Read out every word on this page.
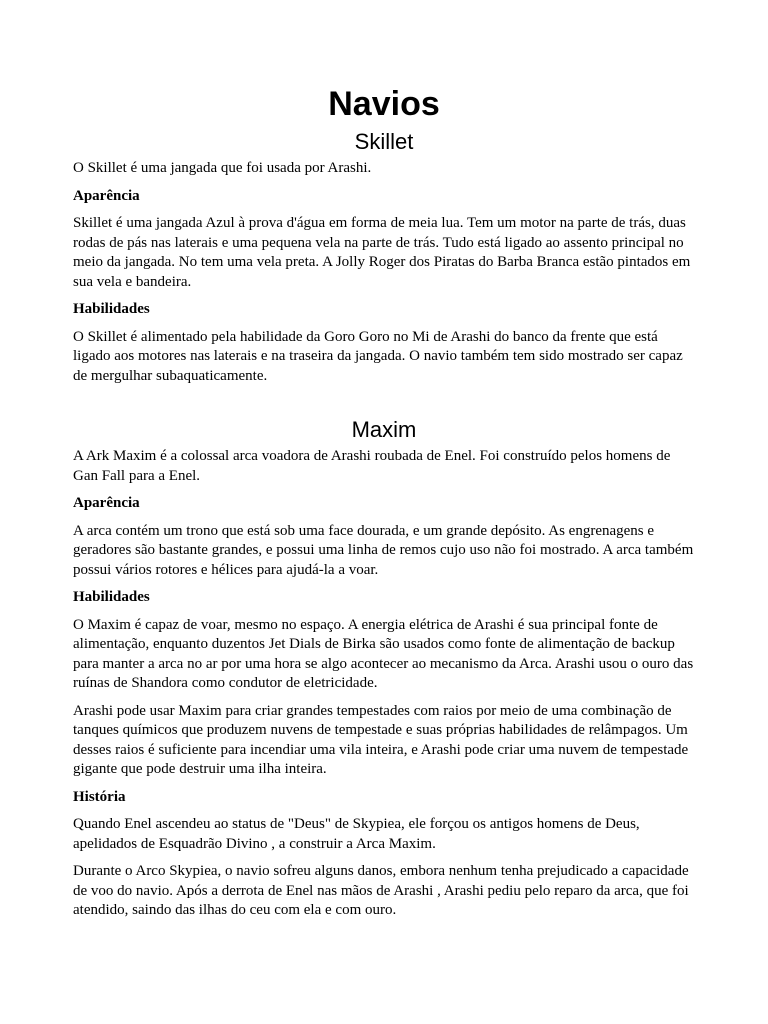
Navios
Skillet

O Skillet é uma jangada que foi usada por Arashi.

Aparência

Skillet é uma jangada Azul à prova d'água em forma de meia lua. Tem um motor na parte de trás, duas rodas de pás nas laterais e uma pequena vela na parte de trás. Tudo está ligado ao assento principal no meio da jangada. No tem uma vela preta. A Jolly Roger dos Piratas do Barba Branca estão pintados em sua vela e bandeira.

Habilidades

O Skillet é alimentado pela habilidade da Goro Goro no Mi de Arashi do banco da frente que está ligado aos motores nas laterais e na traseira da jangada. O navio também tem sido mostrado ser capaz de mergulhar subaquaticamente.

Maxim

A Ark Maxim é a colossal arca voadora de Arashi roubada de Enel. Foi construído pelos homens de Gan Fall para a Enel.

Aparência

A arca contém um trono que está sob uma face dourada, e um grande depósito. As engrenagens e geradores são bastante grandes, e possui uma linha de remos cujo uso não foi mostrado. A arca também possui vários rotores e hélices para ajudá-la a voar.

Habilidades

O Maxim é capaz de voar, mesmo no espaço. A energia elétrica de Arashi é sua principal fonte de alimentação, enquanto duzentos Jet Dials de Birka são usados como fonte de alimentação de backup para manter a arca no ar por uma hora se algo acontecer ao mecanismo da Arca. Arashi usou o ouro das ruínas de Shandora como condutor de eletricidade.

Arashi pode usar Maxim para criar grandes tempestades com raios por meio de uma combinação de tanques químicos que produzem nuvens de tempestade e suas próprias habilidades de relâmpagos. Um desses raios é suficiente para incendiar uma vila inteira, e Arashi pode criar uma nuvem de tempestade gigante que pode destruir uma ilha inteira.

História

Quando Enel ascendeu ao status de "Deus" de Skypiea, ele forçou os antigos homens de Deus, apelidados de Esquadrão Divino , a construir a Arca Maxim.

Durante o Arco Skypiea, o navio sofreu alguns danos, embora nenhum tenha prejudicado a capacidade de voo do navio. Após a derrota de Enel nas mãos de Arashi , Arashi pediu pelo reparo da arca, que foi atendido, saindo das ilhas do ceu com ela e com ouro.
